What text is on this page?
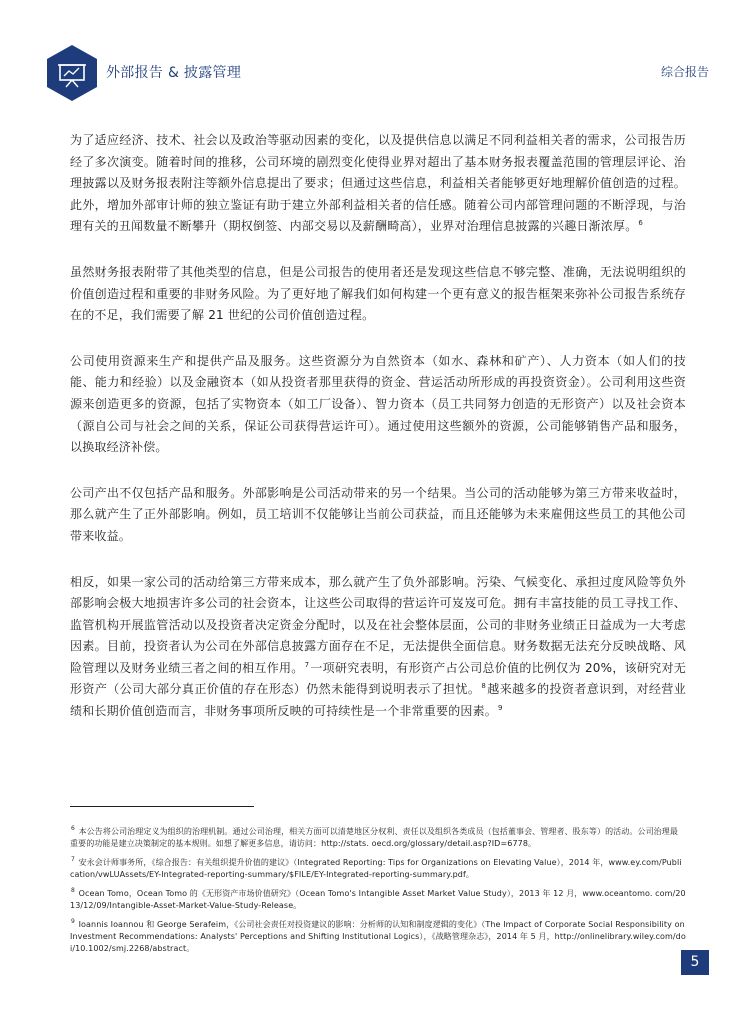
外部报告 & 披露管理	综合报告

为了适应经济、技术、社会以及政治等驱动因素的变化，以及提供信息以满足不同利益相关者的需求，公司报告历经了多次演变。随着时间的推移，公司环境的剧烈变化使得业界对超出了基本财务报表覆盖范围的管理层评论、治理披露以及财务报表附注等额外信息提出了要求；但通过这些信息，利益相关者能够更好地理解价值创造的过程。此外，增加外部审计师的独立鉴证有助于建立外部利益相关者的信任感。随着公司内部管理问题的不断浮现，与治理有关的丑闻数量不断攀升（期权倒签、内部交易以及薪酬畸高），业界对治理信息披露的兴趣日渐浓厚。$^6$

虽然财务报表附带了其他类型的信息，但是公司报告的使用者还是发现这些信息不够完整、准确，无法说明组织的价值创造过程和重要的非财务风险。为了更好地了解我们如何构建一个更有意义的报告框架来弥补公司报告系统存在的不足，我们需要了解 21 世纪的公司价值创造过程。

公司使用资源来生产和提供产品及服务。这些资源分为自然资本（如水、森林和矿产）、人力资本（如人们的技能、能力和经验）以及金融资本（如从投资者那里获得的资金、营运活动所形成的再投资资金）。公司利用这些资源来创造更多的资源，包括了实物资本（如工厂设备）、智力资本（员工共同努力创造的无形资产）以及社会资本（源自公司与社会之间的关系，保证公司获得营运许可）。通过使用这些额外的资源，公司能够销售产品和服务，以换取经济补偿。

公司产出不仅包括产品和服务。外部影响是公司活动带来的另一个结果。当公司的活动能够为第三方带来收益时，那么就产生了正外部影响。例如，员工培训不仅能够让当前公司获益，而且还能够为未来雇佣这些员工的其他公司带来收益。

相反，如果一家公司的活动给第三方带来成本，那么就产生了负外部影响。污染、气候变化、承担过度风险等负外部影响会极大地损害许多公司的社会资本，让这些公司取得的营运许可岌岌可危。拥有丰富技能的员工寻找工作、监管机构开展监管活动以及投资者决定资金分配时，以及在社会整体层面，公司的非财务业绩正日益成为一大考虑因素。目前，投资者认为公司在外部信息披露方面存在不足，无法提供全面信息。财务数据无法充分反映战略、风险管理以及财务业绩三者之间的相互作用。$^7$一项研究表明，有形资产占公司总价值的比例仅为 20%，该研究对无形资产（公司大部分真正价值的存在形态）仍然未能得到说明表示了担忧。$^8$越来越多的投资者意识到，对经营业绩和长期价值创造而言，非财务事项所反映的可持续性是一个非常重要的因素。$^9$

$^6$ 本公告将公司治理定义为组织的治理机制。通过公司治理，相关方面可以清楚地区分权利、责任以及组织各类成员（包括董事会、管理者、股东等）的活动。公司治理最重要的功能是建立决策制定的基本规则。如想了解更多信息，请访问：http://stats. oecd.org/glossary/detail.asp?ID=6778。

$^7$ 安永会计师事务所，《综合报告：有关组织提升价值的建议》（Integrated Reporting: Tips for Organizations on Elevating Value），2014 年，www.ey.com/Publication/vwLUAssets/EY-Integrated-reporting-summary/$FILE/EY-Integrated-reporting-summary.pdf。

$^8$ Ocean Tomo，Ocean Tomo 的《无形资产市场价值研究》（Ocean Tomo's Intangible Asset Market Value Study），2013 年 12 月，www.oceantomo. com/2013/12/09/Intangible-Asset-Market-Value-Study-Release。

$^9$ Ioannis Ioannou 和 George Serafeim，《公司社会责任对投资建议的影响：分析师的认知和制度逻辑的变化》（The Impact of Corporate Social Responsibility on Investment Recommendations: Analysts' Perceptions and Shifting Institutional Logics），《战略管理杂志》，2014 年 5 月，http://onlinelibrary.wiley.com/doi/10.1002/smj.2268/abstract。

5
